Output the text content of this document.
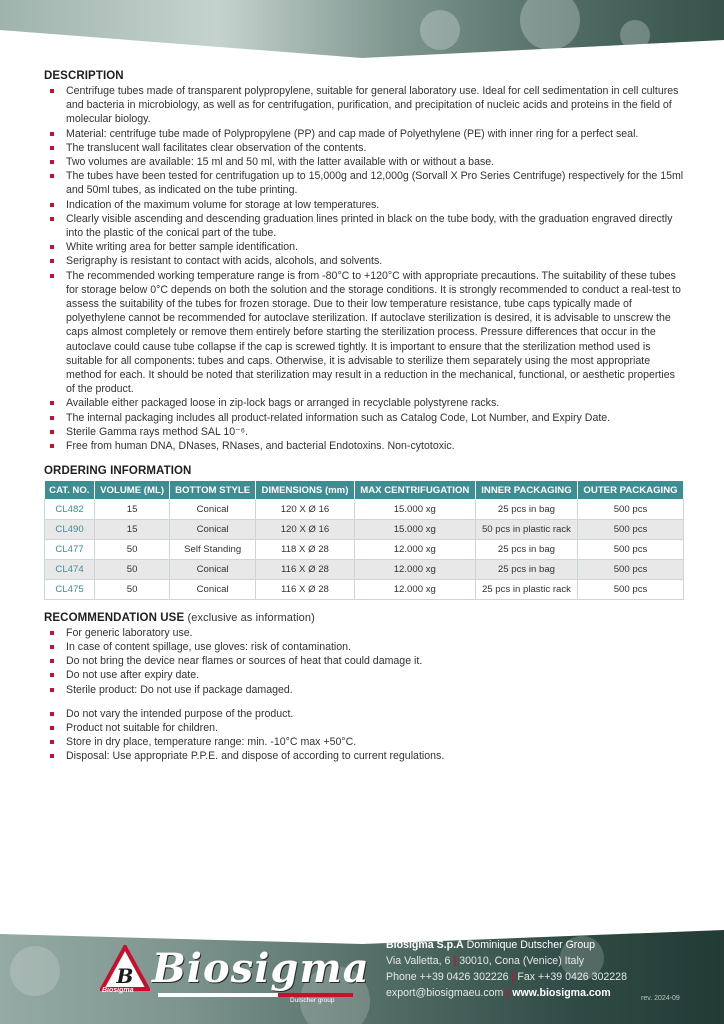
DESCRIPTION
Centrifuge tubes made of transparent polypropylene, suitable for general laboratory use. Ideal for cell sedimentation in cell cultures and bacteria in microbiology, as well as for centrifugation, purification, and precipitation of nucleic acids and proteins in the field of molecular biology.
Material: centrifuge tube made of Polypropylene (PP) and cap made of Polyethylene (PE) with inner ring for a perfect seal.
The translucent wall facilitates clear observation of the contents.
Two volumes are available: 15 ml and 50 ml, with the latter available with or without a base.
The tubes have been tested for centrifugation up to 15,000g and 12,000g (Sorvall X Pro Series Centrifuge) respectively for the 15ml and 50ml tubes, as indicated on the tube printing.
Indication of the maximum volume for storage at low temperatures.
Clearly visible ascending and descending graduation lines printed in black on the tube body, with the graduation engraved directly into the plastic of the conical part of the tube.
White writing area for better sample identification.
Serigraphy is resistant to contact with acids, alcohols, and solvents.
The recommended working temperature range is from -80°C to +120°C with appropriate precautions. The suitability of these tubes for storage below 0°C depends on both the solution and the storage conditions. It is strongly recommended to conduct a real-test to assess the suitability of the tubes for frozen storage. Due to their low temperature resistance, tube caps typically made of polyethylene cannot be recommended for autoclave sterilization. If autoclave sterilization is desired, it is advisable to unscrew the caps almost completely or remove them entirely before starting the sterilization process. Pressure differences that occur in the autoclave could cause tube collapse if the cap is screwed tightly. It is important to ensure that the sterilization method used is suitable for all components: tubes and caps. Otherwise, it is advisable to sterilize them separately using the most appropriate method for each. It should be noted that sterilization may result in a reduction in the mechanical, functional, or aesthetic properties of the product.
Available either packaged loose in zip-lock bags or arranged in recyclable polystyrene racks.
The internal packaging includes all product-related information such as Catalog Code, Lot Number, and Expiry Date.
Sterile Gamma rays method SAL 10⁻⁶.
Free from human DNA, DNases, RNases, and bacterial Endotoxins. Non-cytotoxic.
ORDERING INFORMATION
CAT. NO.	VOLUME (ML)	BOTTOM STYLE	DIMENSIONS (mm)	MAX CENTRIFUGATION	INNER PACKAGING	OUTER PACKAGING
CL482	15	Conical	120 X Ø 16	15.000 xg	25 pcs in bag	500 pcs
CL490	15	Conical	120 X Ø 16	15.000 xg	50 pcs in plastic rack	500 pcs
CL477	50	Self Standing	118 X Ø 28	12.000 xg	25 pcs in bag	500 pcs
CL474	50	Conical	116 X Ø 28	12.000 xg	25 pcs in bag	500 pcs
CL475	50	Conical	116 X Ø 28	12.000 xg	25 pcs in plastic rack	500 pcs
RECOMMENDATION USE (exclusive as information)
For generic laboratory use.
In case of content spillage, use gloves: risk of contamination.
Do not bring the device near flames or sources of heat that could damage it.
Do not use after expiry date.
Sterile product: Do not use if package damaged.
Do not vary the intended purpose of the product.
Product not suitable for children.
Store in dry place, temperature range: min. -10°C max +50°C.
Disposal: Use appropriate P.P.E. and dispose of according to current regulations.
B
Biosigma Biosigma
Dutscher group
Biosigma S.p.A Dominique Dutscher Group
Via Valletta, 6 | 30010, Cona (Venice) Italy
Phone ++39 0426 302226 | Fax ++39 0426 302228
export@biosigmaeu.com | www.biosigma.com	rev. 2024-09
